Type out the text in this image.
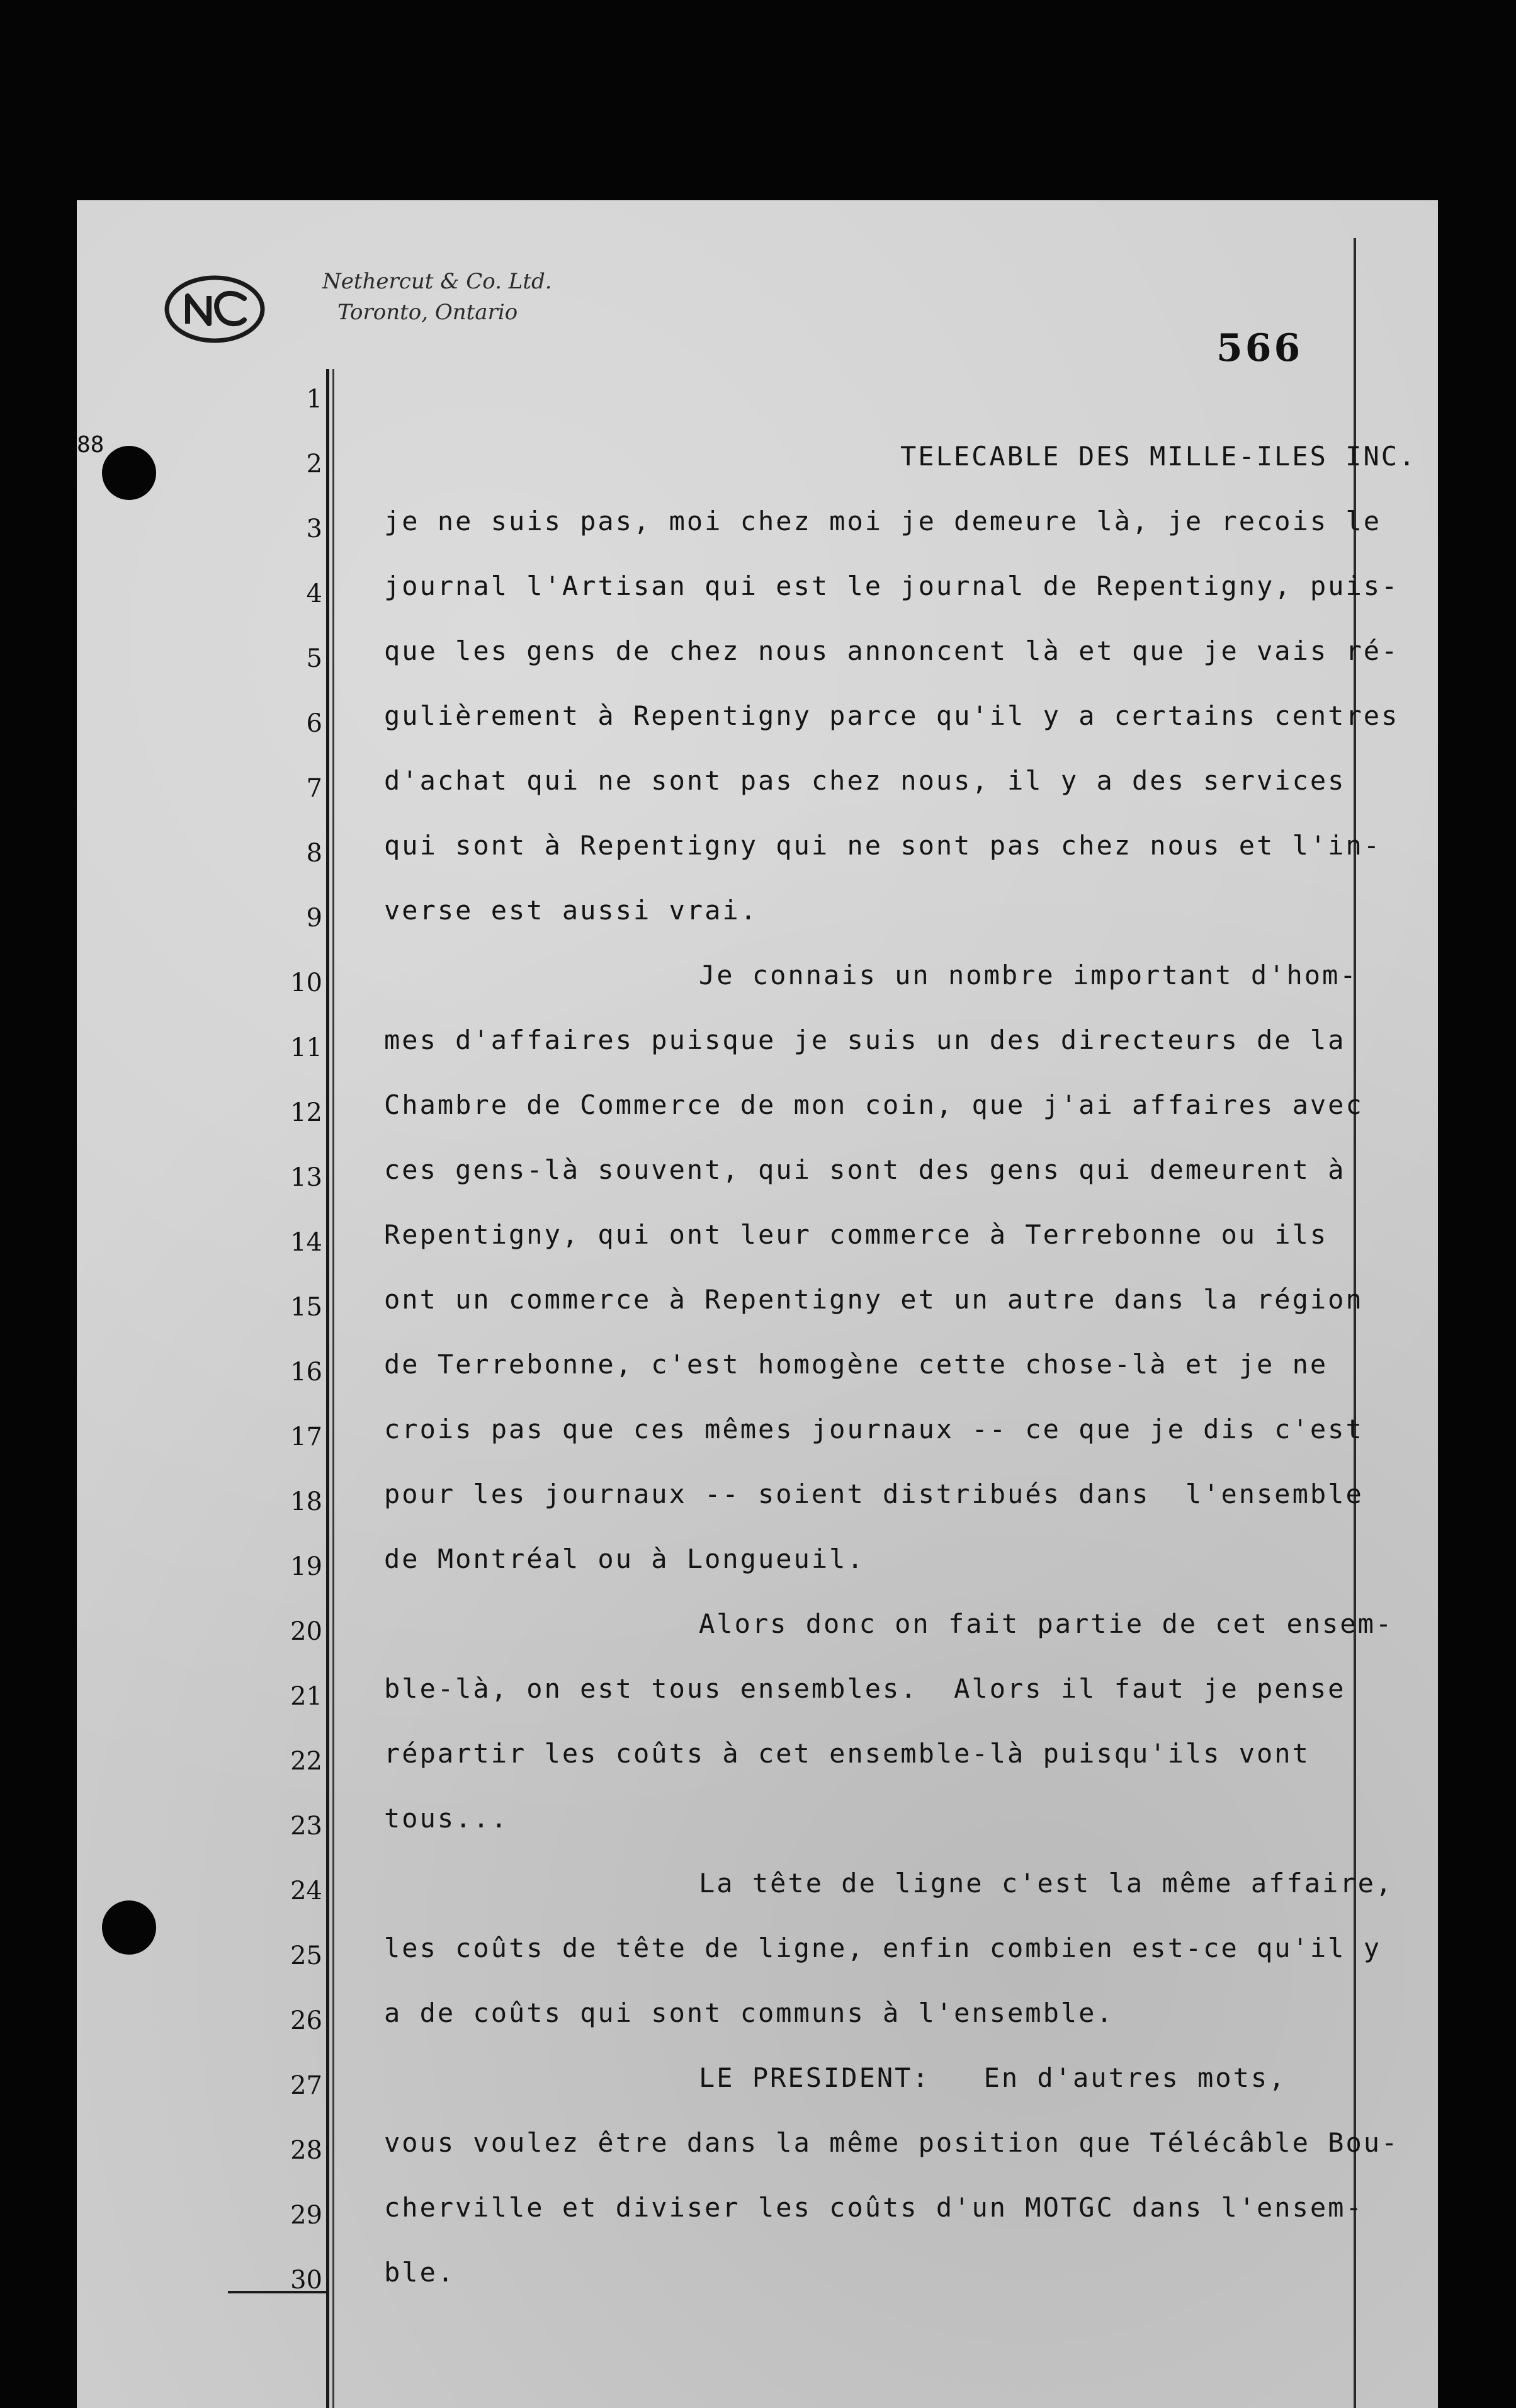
Nethercut & Co. Ltd.
Toronto, Ontario
566
88
1
2
3
4
5
6
7
8
9
10
11
12
13
14
15
16
17
18
19
20
21
22
23
24
25
26
27
28
29
30
TELECABLE DES MILLE-ILES INC.
je ne suis pas, moi chez moi je demeure là, je recois le
journal l'Artisan qui est le journal de Repentigny, puis-
que les gens de chez nous annoncent là et que je vais ré-
gulièrement à Repentigny parce qu'il y a certains centres
d'achat qui ne sont pas chez nous, il y a des services
qui sont à Repentigny qui ne sont pas chez nous et l'in-
verse est aussi vrai.
Je connais un nombre important d'hom-
mes d'affaires puisque je suis un des directeurs de la
Chambre de Commerce de mon coin, que j'ai affaires avec
ces gens-là souvent, qui sont des gens qui demeurent à
Repentigny, qui ont leur commerce à Terrebonne ou ils
ont un commerce à Repentigny et un autre dans la région
de Terrebonne, c'est homogène cette chose-là et je ne
crois pas que ces mêmes journaux -- ce que je dis c'est
pour les journaux -- soient distribués dans  l'ensemble
de Montréal ou à Longueuil.
Alors donc on fait partie de cet ensem-
ble-là, on est tous ensembles.  Alors il faut je pense
répartir les coûts à cet ensemble-là puisqu'ils vont
tous...
La tête de ligne c'est la même affaire,
les coûts de tête de ligne, enfin combien est-ce qu'il y
a de coûts qui sont communs à l'ensemble.
LE PRESIDENT:   En d'autres mots,
vous voulez être dans la même position que Télécâble Bou-
cherville et diviser les coûts d'un MOTGC dans l'ensem-
ble.
